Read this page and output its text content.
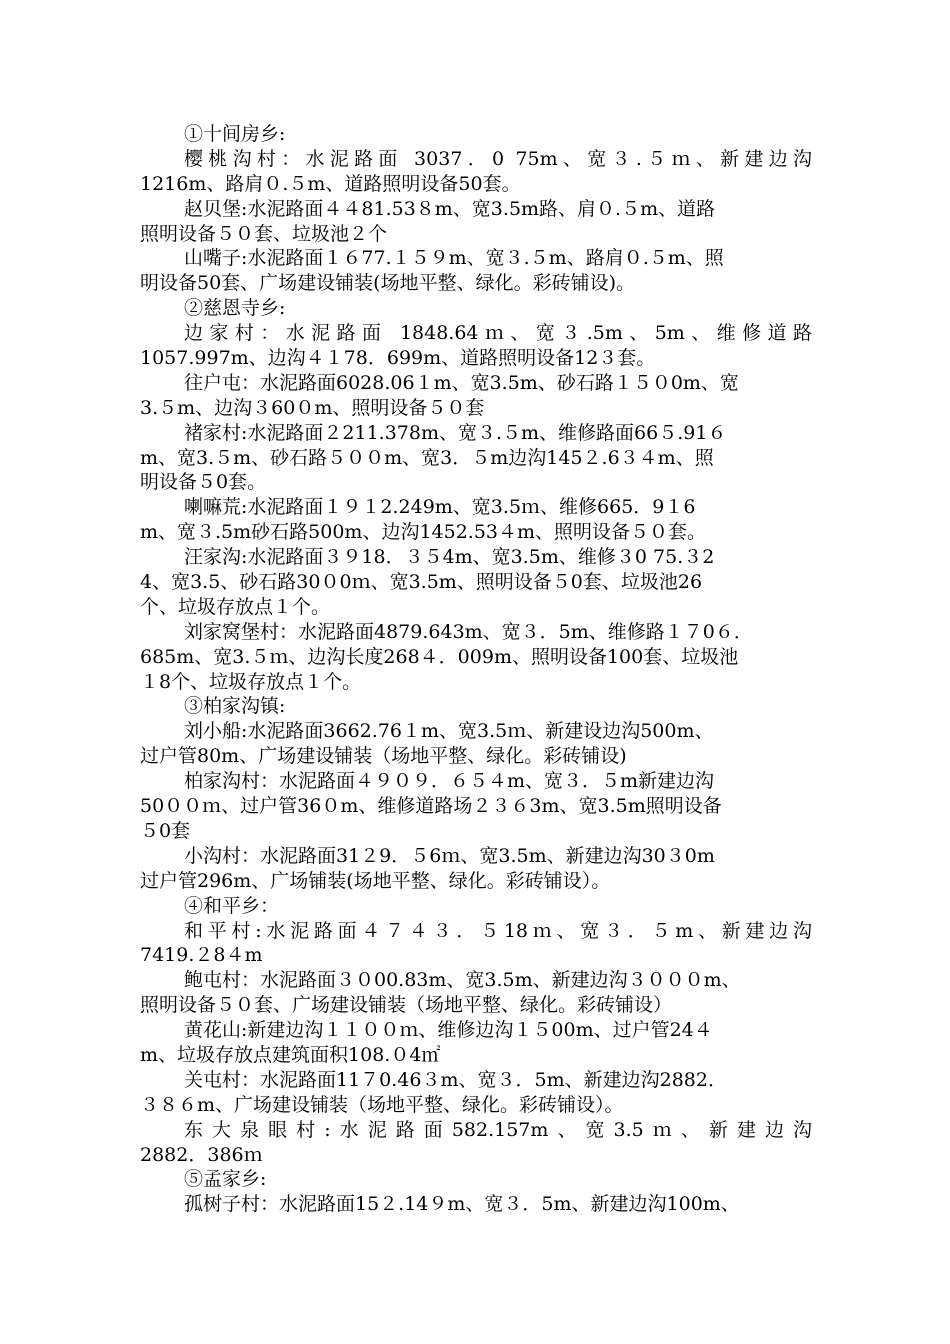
①十间房乡:
樱桃沟村：水泥路面 3037．0 75m、宽３.５ｍ、新建边沟
1216m、路肩０.５m、道路照明设备50套。
赵贝堡:水泥路面４４81.53８m、宽3.5m路、肩０.５m、道路
照明设备５０套、垃圾池２个
山嘴子:水泥路面１６77.１５９m、宽３.５m、路肩０.５m、照
明设备50套、广场建设铺装(场地平整、绿化。彩砖铺设)。
②慈恩寺乡:
边家村：水泥路面 1848.64ｍ、宽３.5m、5m、维修道路
1057.997m、边沟４１78．699m、道路照明设备12３套。
往户屯：水泥路面6028.06１m、宽3.5m、砂石路１５０0m、宽
3.５m、边沟３60０m、照明设备５０套
褚家村:水泥路面２211.378m、宽３.５m、维修路面66５.91６
m、宽3.５m、砂石路５００m、宽3．５m边沟145２.6３４m、照
明设备５0套。
喇嘛荒:水泥路面１９１2.249m、宽3.5ｍ、维修665．9１6
m、宽３.5m砂石路500m、边沟1452.53４m、照明设备５０套。
汪家沟:水泥路面３９18．３５4m、宽3.5m、维修３0 75.３2
4、宽3.5、砂石路30０0ｍ、宽3.5m、照明设备５0套、垃圾池26
个、垃圾存放点１个。
刘家窝堡村：水泥路面4879.643m、宽３．5m、维修路１７0６．
685m、宽3.５ｍ、边沟长度268４．009m、照明设备100套、垃圾池
１8个、垃圾存放点１个。
③柏家沟镇:
刘小船:水泥路面3662.76１m、宽3.5ｍ、新建设边沟500m、
过户管80m、广场建设铺装（场地平整、绿化。彩砖铺设)
柏家沟村：水泥路面４９０９．６５４m、宽３．５m新建边沟
50００ｍ、过户管36０m、维修道路场２３６3m、宽3.5m照明设备
５0套
小沟村：水泥路面31２9．５6ｍ、宽3.5m、新建边沟30３0m
过户管296m、广场铺装(场地平整、绿化。彩砖铺设）。
④和平乡：
和平村:水泥路面４７４３．５18ｍ、宽３．５m、新建边沟
7419.２8４m
鲍屯村：水泥路面３０00.83m、宽3.5m、新建边沟３０００m、
照明设备５０套、广场建设铺装（场地平整、绿化。彩砖铺设）
黄花山:新建边沟１１００ｍ、维修边沟１５00m、过户管24４
m、垃圾存放点建筑面积108.０4㎡
关屯村：水泥路面11７0.46３m、宽３．5m、新建边沟2882．
３８６m、广场建设铺装（场地平整、绿化。彩砖铺设）。
东大泉眼村:水泥路面582.157m、宽3.5ｍ、新建边沟
2882．386ｍ
⑤孟家乡:
孤树子村：水泥路面15２.14９m、宽３．5m、新建边沟100m、
